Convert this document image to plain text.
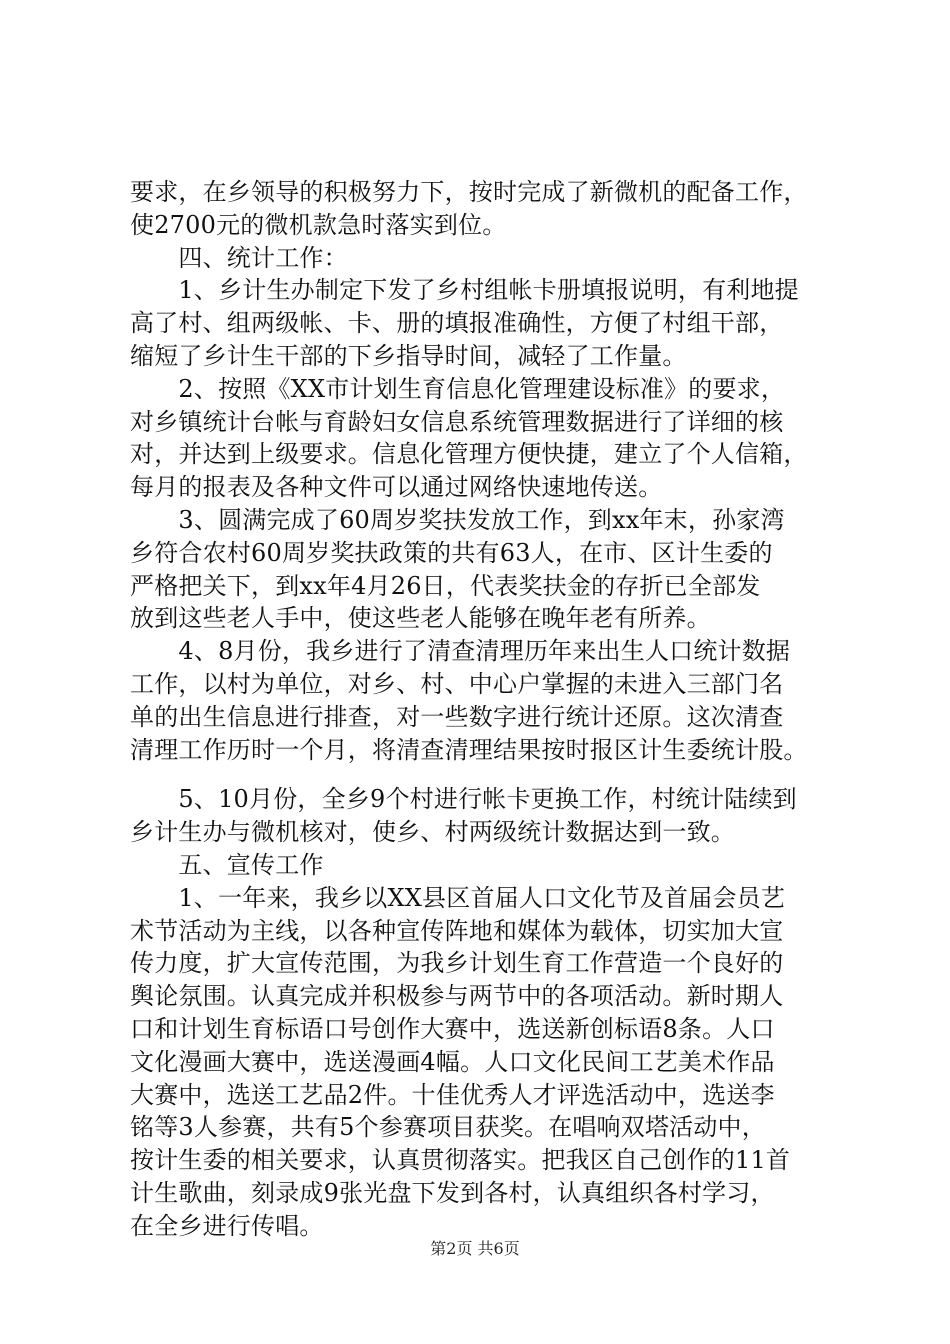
要求，在乡领导的积极努力下，按时完成了新微机的配备工作，
使2700元的微机款急时落实到位。
　　四、统计工作：
　　1、乡计生办制定下发了乡村组帐卡册填报说明，有利地提
高了村、组两级帐、卡、册的填报准确性，方便了村组干部，
缩短了乡计生干部的下乡指导时间，减轻了工作量。
　　2、按照《XX市计划生育信息化管理建设标准》的要求，
对乡镇统计台帐与育龄妇女信息系统管理数据进行了详细的核
对，并达到上级要求。信息化管理方便快捷，建立了个人信箱，
每月的报表及各种文件可以通过网络快速地传送。
　　3、圆满完成了60周岁奖扶发放工作，到xx年末，孙家湾
乡符合农村60周岁奖扶政策的共有63人，在市、区计生委的
严格把关下，到xx年4月26日，代表奖扶金的存折已全部发
放到这些老人手中，使这些老人能够在晚年老有所养。
　　4、8月份，我乡进行了清查清理历年来出生人口统计数据
工作，以村为单位，对乡、村、中心户掌握的未进入三部门名
单的出生信息进行排查，对一些数字进行统计还原。这次清查
清理工作历时一个月，将清查清理结果按时报区计生委统计股。
　　5、10月份，全乡9个村进行帐卡更换工作，村统计陆续到
乡计生办与微机核对，使乡、村两级统计数据达到一致。
　　五、宣传工作
　　1、一年来，我乡以XX县区首届人口文化节及首届会员艺
术节活动为主线，以各种宣传阵地和媒体为载体，切实加大宣
传力度，扩大宣传范围，为我乡计划生育工作营造一个良好的
舆论氛围。认真完成并积极参与两节中的各项活动。新时期人
口和计划生育标语口号创作大赛中，选送新创标语8条。人口
文化漫画大赛中，选送漫画4幅。人口文化民间工艺美术作品
大赛中，选送工艺品2件。十佳优秀人才评选活动中，选送李
铭等3人参赛，共有5个参赛项目获奖。在唱响双塔活动中，
按计生委的相关要求，认真贯彻落实。把我区自己创作的11首
计生歌曲，刻录成9张光盘下发到各村，认真组织各村学习，
在全乡进行传唱。
第2页 共6页
